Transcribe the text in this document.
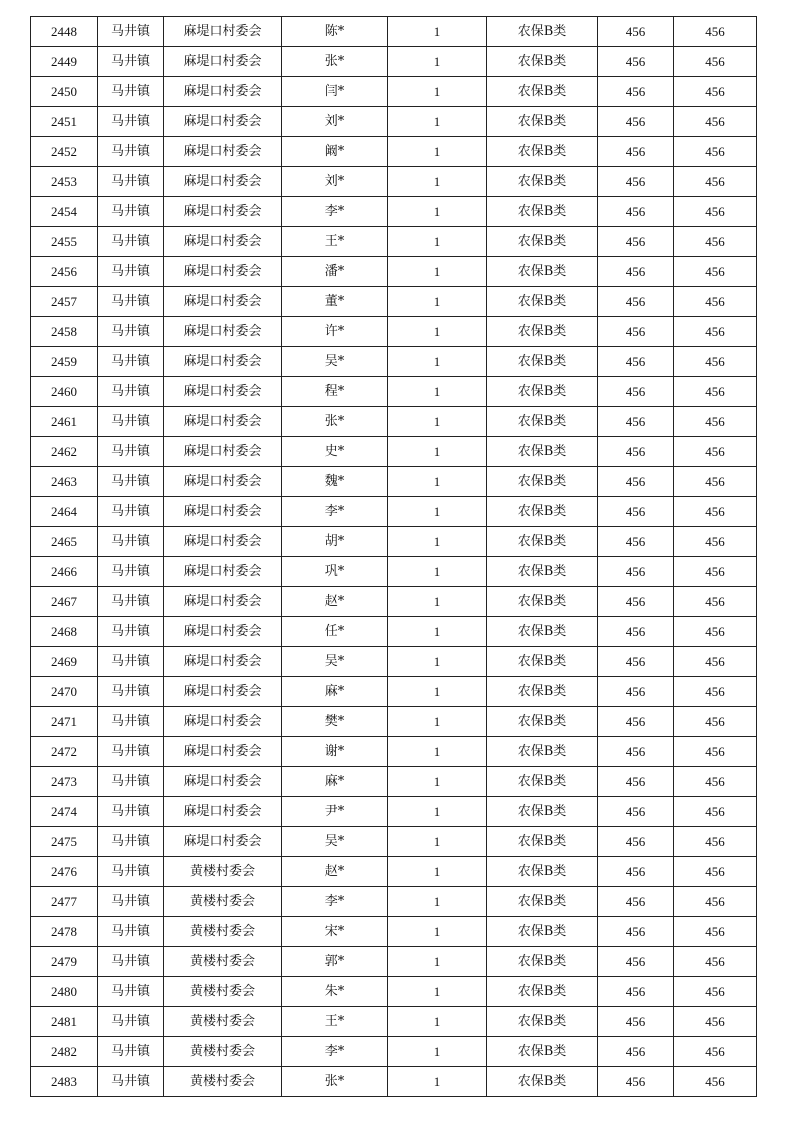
2448	马井镇	麻堤口村委会	陈*	1	农保B类	456	456
2449	马井镇	麻堤口村委会	张*	1	农保B类	456	456
2450	马井镇	麻堤口村委会	闫*	1	农保B类	456	456
2451	马井镇	麻堤口村委会	刘*	1	农保B类	456	456
2452	马井镇	麻堤口村委会	阚*	1	农保B类	456	456
2453	马井镇	麻堤口村委会	刘*	1	农保B类	456	456
2454	马井镇	麻堤口村委会	李*	1	农保B类	456	456
2455	马井镇	麻堤口村委会	王*	1	农保B类	456	456
2456	马井镇	麻堤口村委会	潘*	1	农保B类	456	456
2457	马井镇	麻堤口村委会	董*	1	农保B类	456	456
2458	马井镇	麻堤口村委会	许*	1	农保B类	456	456
2459	马井镇	麻堤口村委会	吴*	1	农保B类	456	456
2460	马井镇	麻堤口村委会	程*	1	农保B类	456	456
2461	马井镇	麻堤口村委会	张*	1	农保B类	456	456
2462	马井镇	麻堤口村委会	史*	1	农保B类	456	456
2463	马井镇	麻堤口村委会	魏*	1	农保B类	456	456
2464	马井镇	麻堤口村委会	李*	1	农保B类	456	456
2465	马井镇	麻堤口村委会	胡*	1	农保B类	456	456
2466	马井镇	麻堤口村委会	巩*	1	农保B类	456	456
2467	马井镇	麻堤口村委会	赵*	1	农保B类	456	456
2468	马井镇	麻堤口村委会	任*	1	农保B类	456	456
2469	马井镇	麻堤口村委会	吴*	1	农保B类	456	456
2470	马井镇	麻堤口村委会	麻*	1	农保B类	456	456
2471	马井镇	麻堤口村委会	樊*	1	农保B类	456	456
2472	马井镇	麻堤口村委会	谢*	1	农保B类	456	456
2473	马井镇	麻堤口村委会	麻*	1	农保B类	456	456
2474	马井镇	麻堤口村委会	尹*	1	农保B类	456	456
2475	马井镇	麻堤口村委会	吴*	1	农保B类	456	456
2476	马井镇	黄楼村委会	赵*	1	农保B类	456	456
2477	马井镇	黄楼村委会	李*	1	农保B类	456	456
2478	马井镇	黄楼村委会	宋*	1	农保B类	456	456
2479	马井镇	黄楼村委会	郭*	1	农保B类	456	456
2480	马井镇	黄楼村委会	朱*	1	农保B类	456	456
2481	马井镇	黄楼村委会	王*	1	农保B类	456	456
2482	马井镇	黄楼村委会	李*	1	农保B类	456	456
2483	马井镇	黄楼村委会	张*	1	农保B类	456	456
